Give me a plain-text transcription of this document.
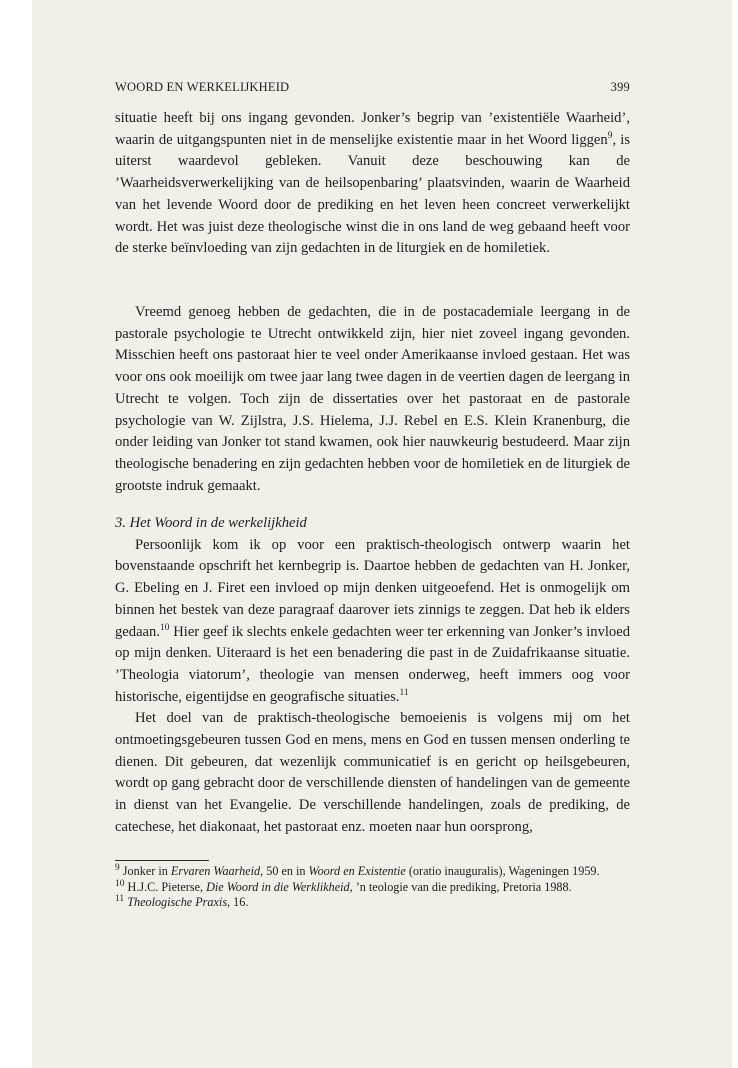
WOORD EN WERKELIJKHEID	399

situatie heeft bij ons ingang gevonden. Jonker’s begrip van ’existentiële Waarheid’, waarin de uitgangspunten niet in de menselijke existentie maar in het Woord liggen$^9$, is uiterst waardevol gebleken. Vanuit deze beschouwing kan de ’Waarheidsverwerkelijking van de heilsopenbaring’ plaatsvinden, waarin de Waarheid van het levende Woord door de prediking en het leven heen concreet verwerkelijkt wordt. Het was juist deze theologische winst die in ons land de weg gebaand heeft voor de sterke beïnvloeding van zijn gedachten in de liturgiek en de homiletiek.

Vreemd genoeg hebben de gedachten, die in de postacademiale leergang in de pastorale psychologie te Utrecht ontwikkeld zijn, hier niet zoveel ingang gevonden. Misschien heeft ons pastoraat hier te veel onder Amerikaanse invloed gestaan. Het was voor ons ook moeilijk om twee jaar lang twee dagen in de veertien dagen de leergang in Utrecht te volgen. Toch zijn de dissertaties over het pastoraat en de pastorale psychologie van W. Zijlstra, J.S. Hielema, J.J. Rebel en E.S. Klein Kranenburg, die onder leiding van Jonker tot stand kwamen, ook hier nauwkeurig bestudeerd. Maar zijn theologische benadering en zijn gedachten hebben voor de homiletiek en de liturgiek de grootste indruk gemaakt.

3. Het Woord in de werkelijkheid

Persoonlijk kom ik op voor een praktisch-theologisch ontwerp waarin het bovenstaande opschrift het kernbegrip is. Daartoe hebben de gedachten van H. Jonker, G. Ebeling en J. Firet een invloed op mijn denken uitgeoefend. Het is onmogelijk om binnen het bestek van deze paragraaf daarover iets zinnigs te zeggen. Dat heb ik elders gedaan.$^{10}$ Hier geef ik slechts enkele gedachten weer ter erkenning van Jonker’s invloed op mijn denken. Uiteraard is het een benadering die past in de Zuidafrikaanse situatie. ’Theologia viatorum’, theologie van mensen onderweg, heeft immers oog voor historische, eigentijdse en geografische situaties.$^{11}$

Het doel van de praktisch-theologische bemoeienis is volgens mij om het ontmoetingsgebeuren tussen God en mens, mens en God en tussen mensen onderling te dienen. Dit gebeuren, dat wezenlijk communicatief is en gericht op heilsgebeuren, wordt op gang gebracht door de verschillende diensten of handelingen van de gemeente in dienst van het Evangelie. De verschillende handelingen, zoals de prediking, de catechese, het diakonaat, het pastoraat enz. moeten naar hun oorsprong,

$^9$ Jonker in Ervaren Waarheid, 50 en in Woord en Existentie (oratio inauguralis), Wageningen 1959.

$^{10}$ H.J.C. Pieterse, Die Woord in die Werklikheid, ’n teologie van die prediking, Pretoria 1988.

$^{11}$ Theologische Praxis, 16.
